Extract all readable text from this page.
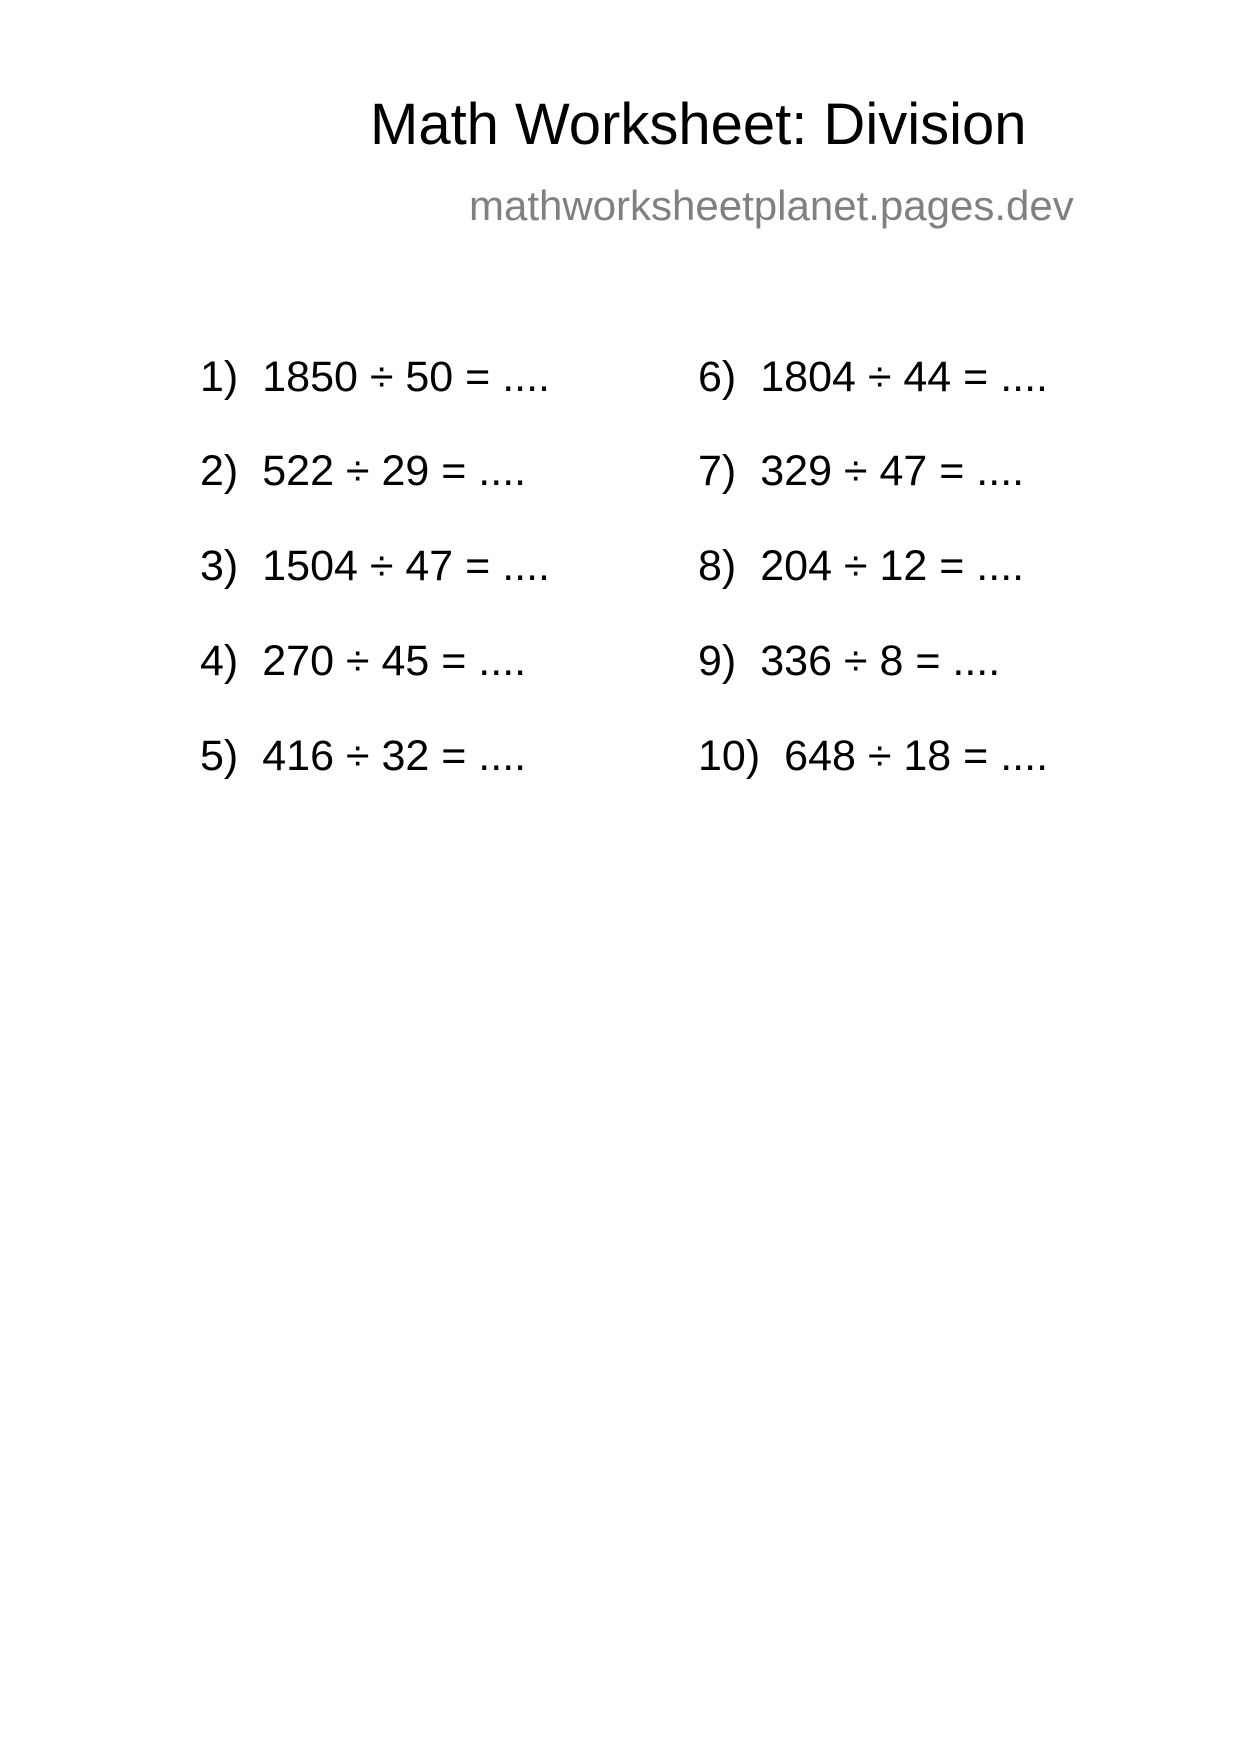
Math Worksheet: Division
mathworksheetplanet.pages.dev
1) 1850 ÷ 50 = ....
2) 522 ÷ 29 = ....
3) 1504 ÷ 47 = ....
4) 270 ÷ 45 = ....
5) 416 ÷ 32 = ....
6) 1804 ÷ 44 = ....
7) 329 ÷ 47 = ....
8) 204 ÷ 12 = ....
9) 336 ÷ 8 = ....
10) 648 ÷ 18 = ....
